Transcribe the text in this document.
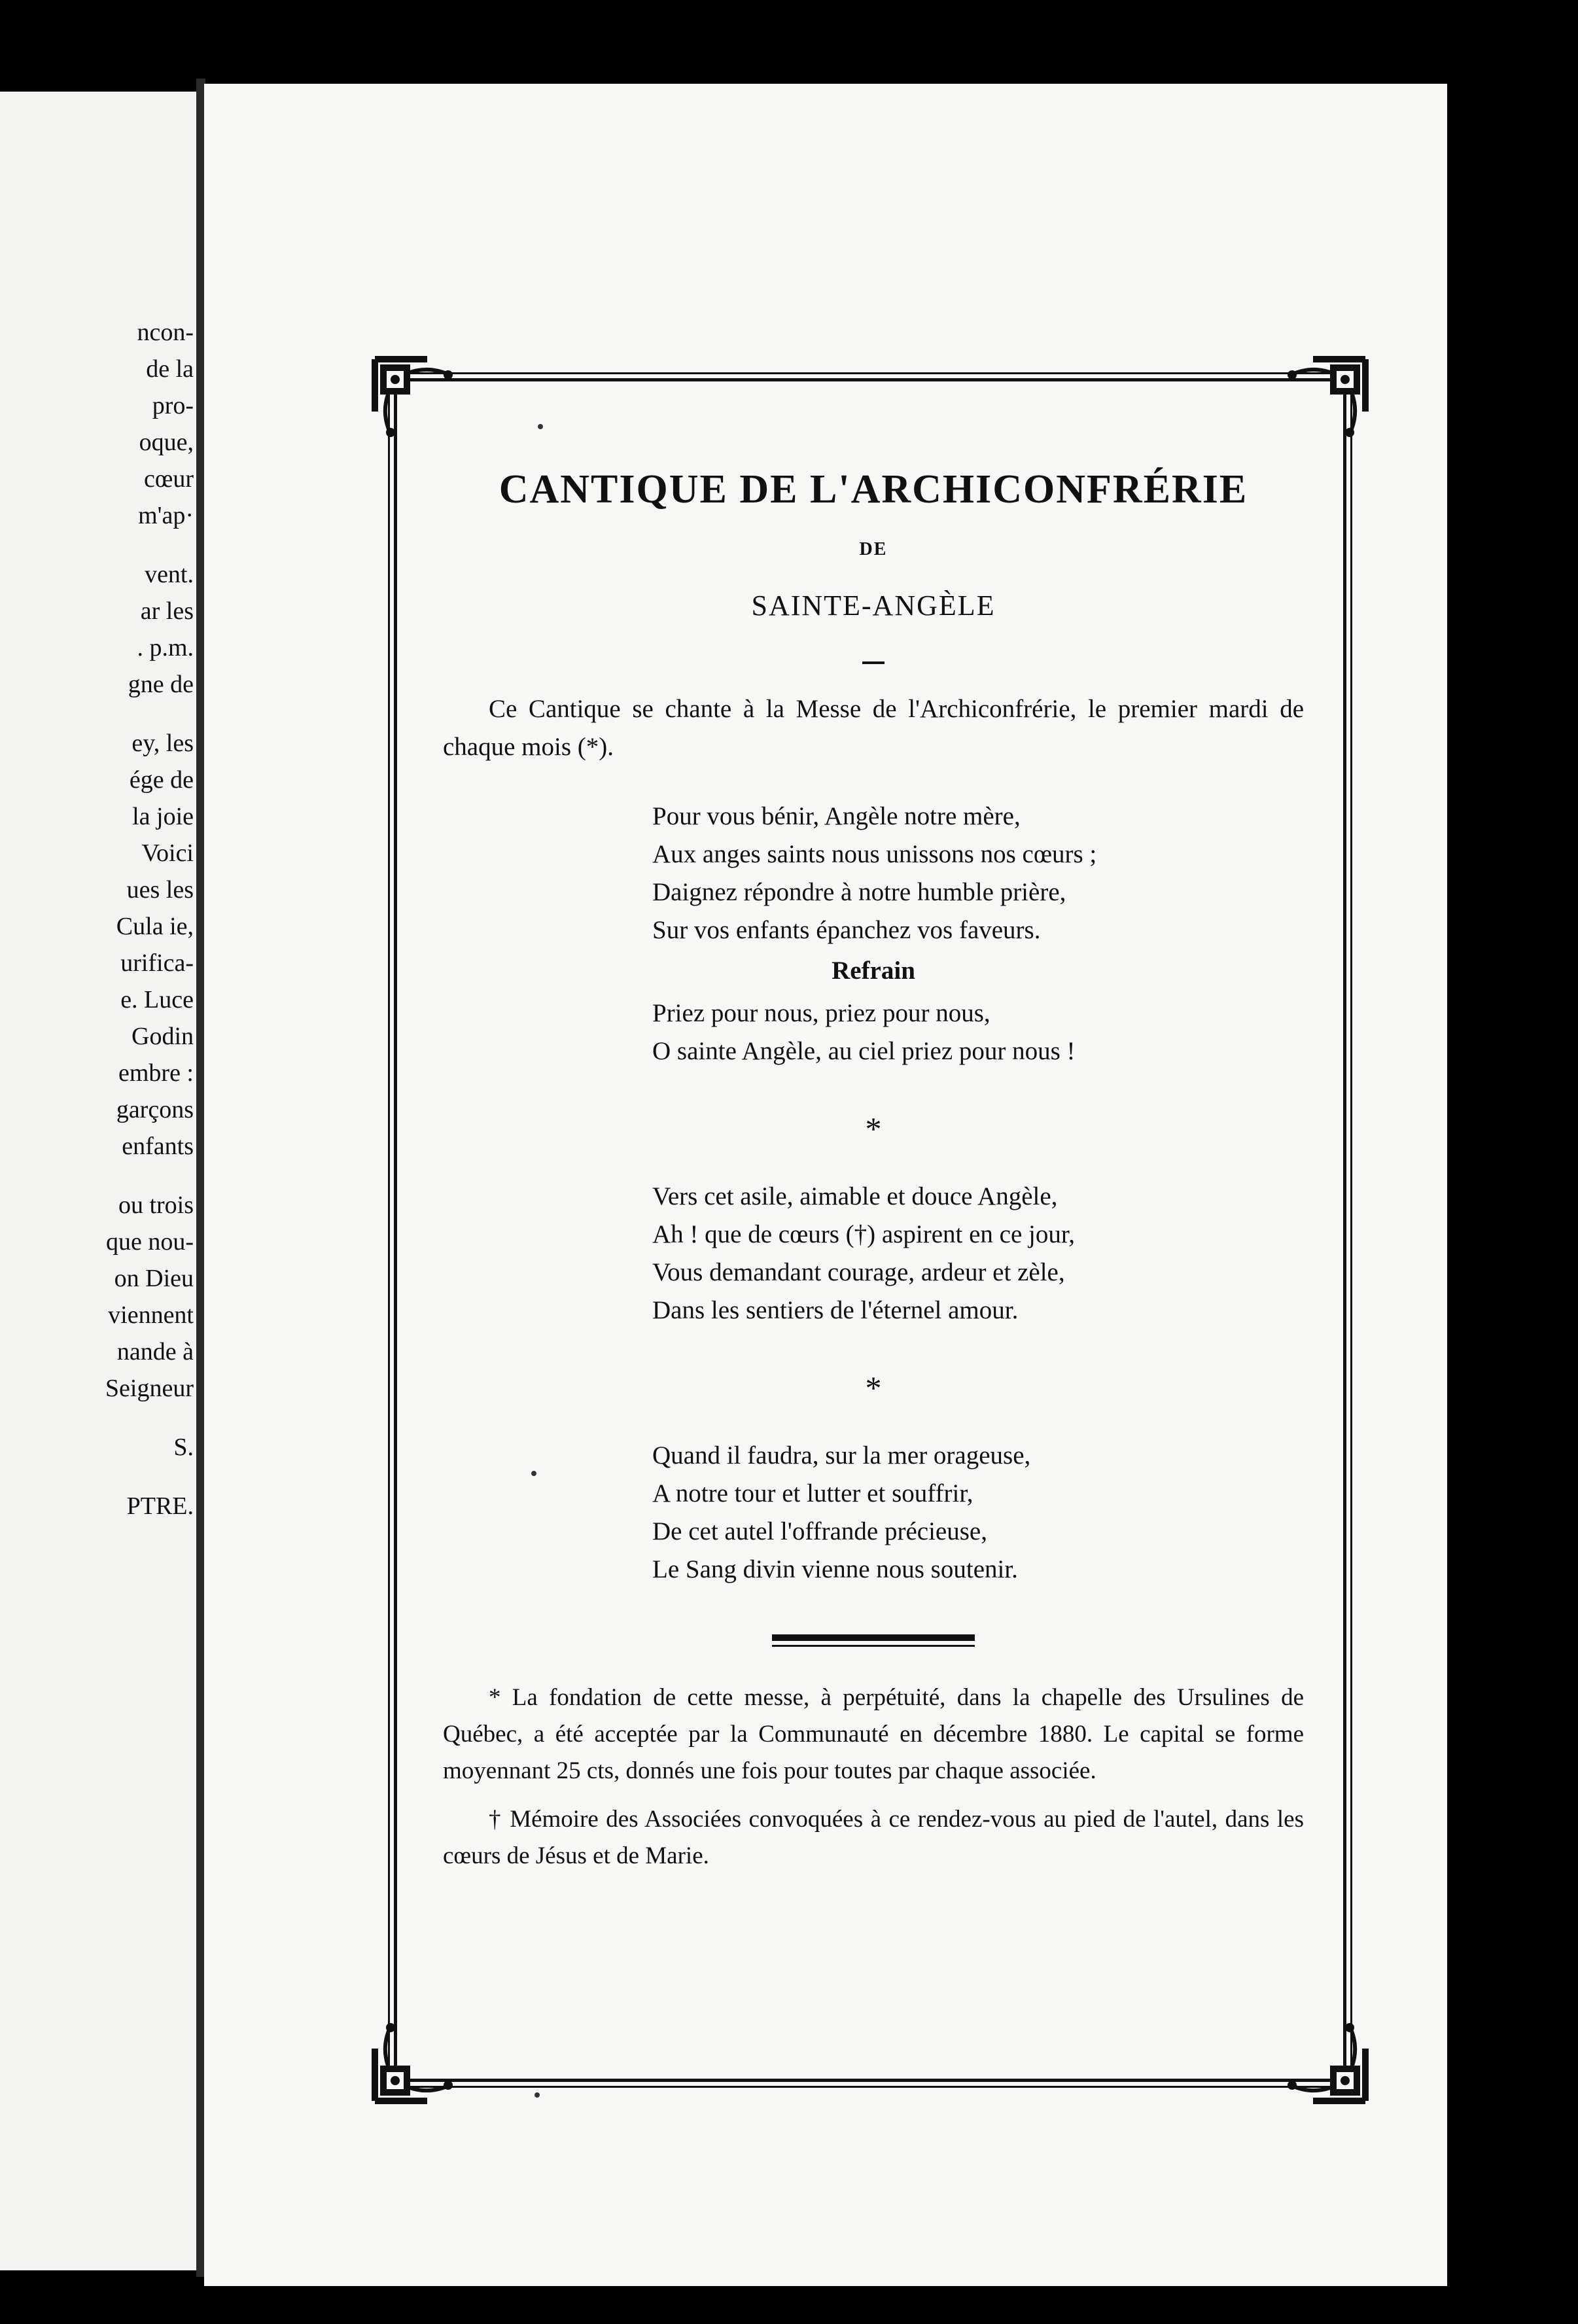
ncon-
de la
pro-
oque,
cœur
m'ap·
vent.
ar les
. p.m.
gne de
ey, les
ége de
la joie
Voici
ues les
Cula ie,
urifica-
e. Luce
Godin
embre :
garçons
enfants
ou trois
que nou-
on Dieu
viennent
nande à
Seigneur
S.
PTRE.
CANTIQUE DE L'ARCHICONFRÉRIE
DE
SAINTE-ANGÈLE
Ce Cantique se chante à la Messe de l'Archiconfrérie, le premier mardi de chaque mois (*).
Pour vous bénir, Angèle notre mère,
Aux anges saints nous unissons nos cœurs ;
Daignez répondre à notre humble prière,
Sur vos enfants épanchez vos faveurs.
Refrain
Priez pour nous, priez pour nous,
O sainte Angèle, au ciel priez pour nous !
*
Vers cet asile, aimable et douce Angèle,
Ah ! que de cœurs (†) aspirent en ce jour,
Vous demandant courage, ardeur et zèle,
Dans les sentiers de l'éternel amour.
*
Quand il faudra, sur la mer orageuse,
A notre tour et lutter et souffrir,
De cet autel l'offrande précieuse,
Le Sang divin vienne nous soutenir.
* La fondation de cette messe, à perpétuité, dans la chapelle des Ursulines de Québec, a été acceptée par la Communauté en décembre 1880. Le capital se forme moyennant 25 cts, donnés une fois pour toutes par chaque associée.
† Mémoire des Associées convoquées à ce rendez-vous au pied de l'autel, dans les cœurs de Jésus et de Marie.
